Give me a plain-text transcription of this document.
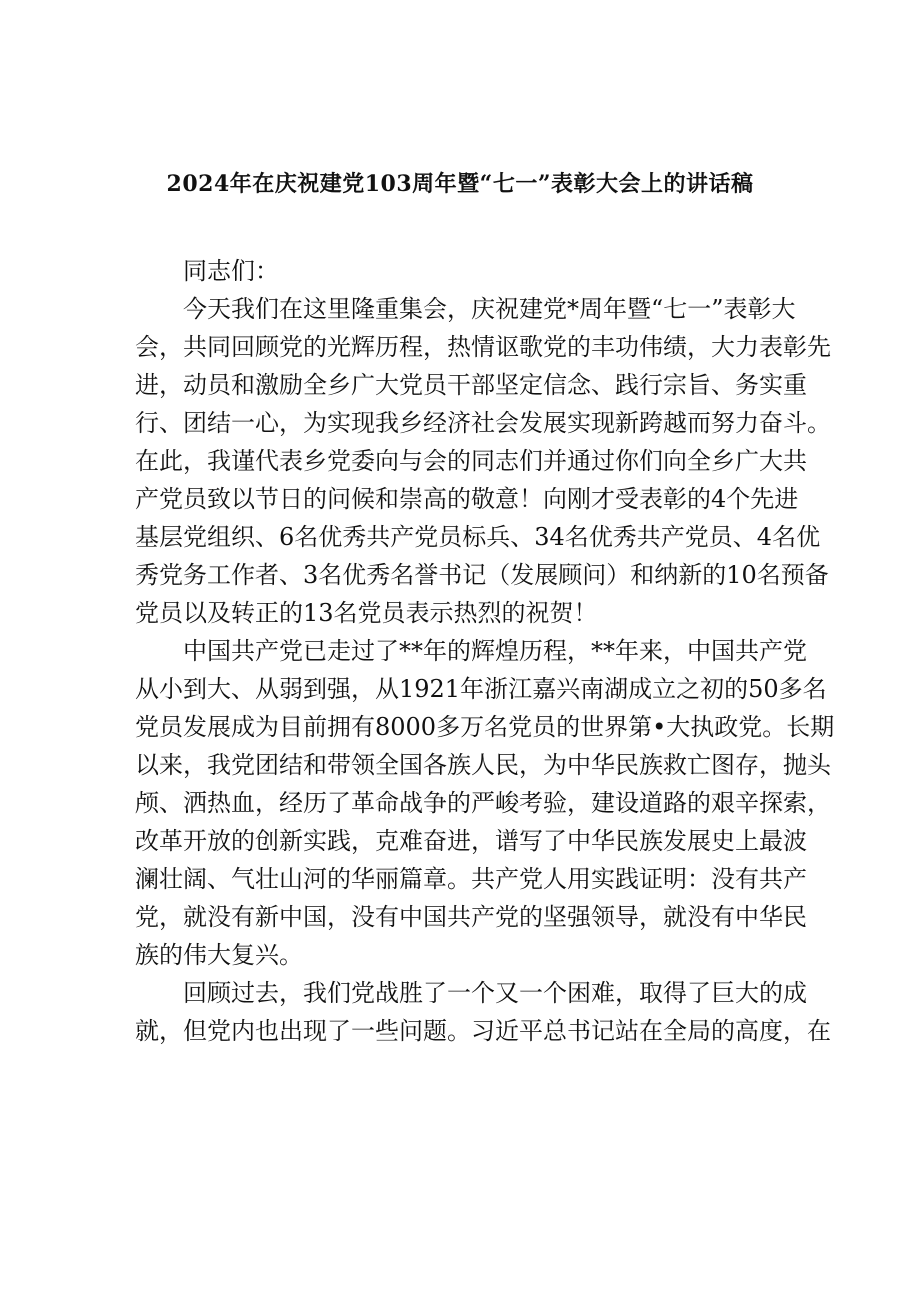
2024年在庆祝建党103周年暨“七一”表彰大会上的讲话稿
同志们：
今天我们在这里隆重集会，庆祝建党*周年暨“七一”表彰大
会，共同回顾党的光辉历程，热情讴歌党的丰功伟绩，大力表彰先
进，动员和激励全乡广大党员干部坚定信念、践行宗旨、务实重
行、团结一心，为实现我乡经济社会发展实现新跨越而努力奋斗。
在此，我谨代表乡党委向与会的同志们并通过你们向全乡广大共
产党员致以节日的问候和崇高的敬意！向刚才受表彰的4个先进
基层党组织、6名优秀共产党员标兵、34名优秀共产党员、4名优
秀党务工作者、3名优秀名誉书记（发展顾问）和纳新的10名预备
党员以及转正的13名党员表示热烈的祝贺！
中国共产党已走过了**年的辉煌历程，**年来，中国共产党
从小到大、从弱到强，从1921年浙江嘉兴南湖成立之初的50多名
党员发展成为目前拥有8000多万名党员的世界第•大执政党。长期
以来，我党团结和带领全国各族人民，为中华民族救亡图存，抛头
颅、洒热血，经历了革命战争的严峻考验，建设道路的艰辛探索，
改革开放的创新实践，克难奋进，谱写了中华民族发展史上最波
澜壮阔、气壮山河的华丽篇章。共产党人用实践证明：没有共产
党，就没有新中国，没有中国共产党的坚强领导，就没有中华民
族的伟大复兴。
回顾过去，我们党战胜了一个又一个困难，取得了巨大的成
就，但党内也出现了一些问题。习近平总书记站在全局的高度，在
